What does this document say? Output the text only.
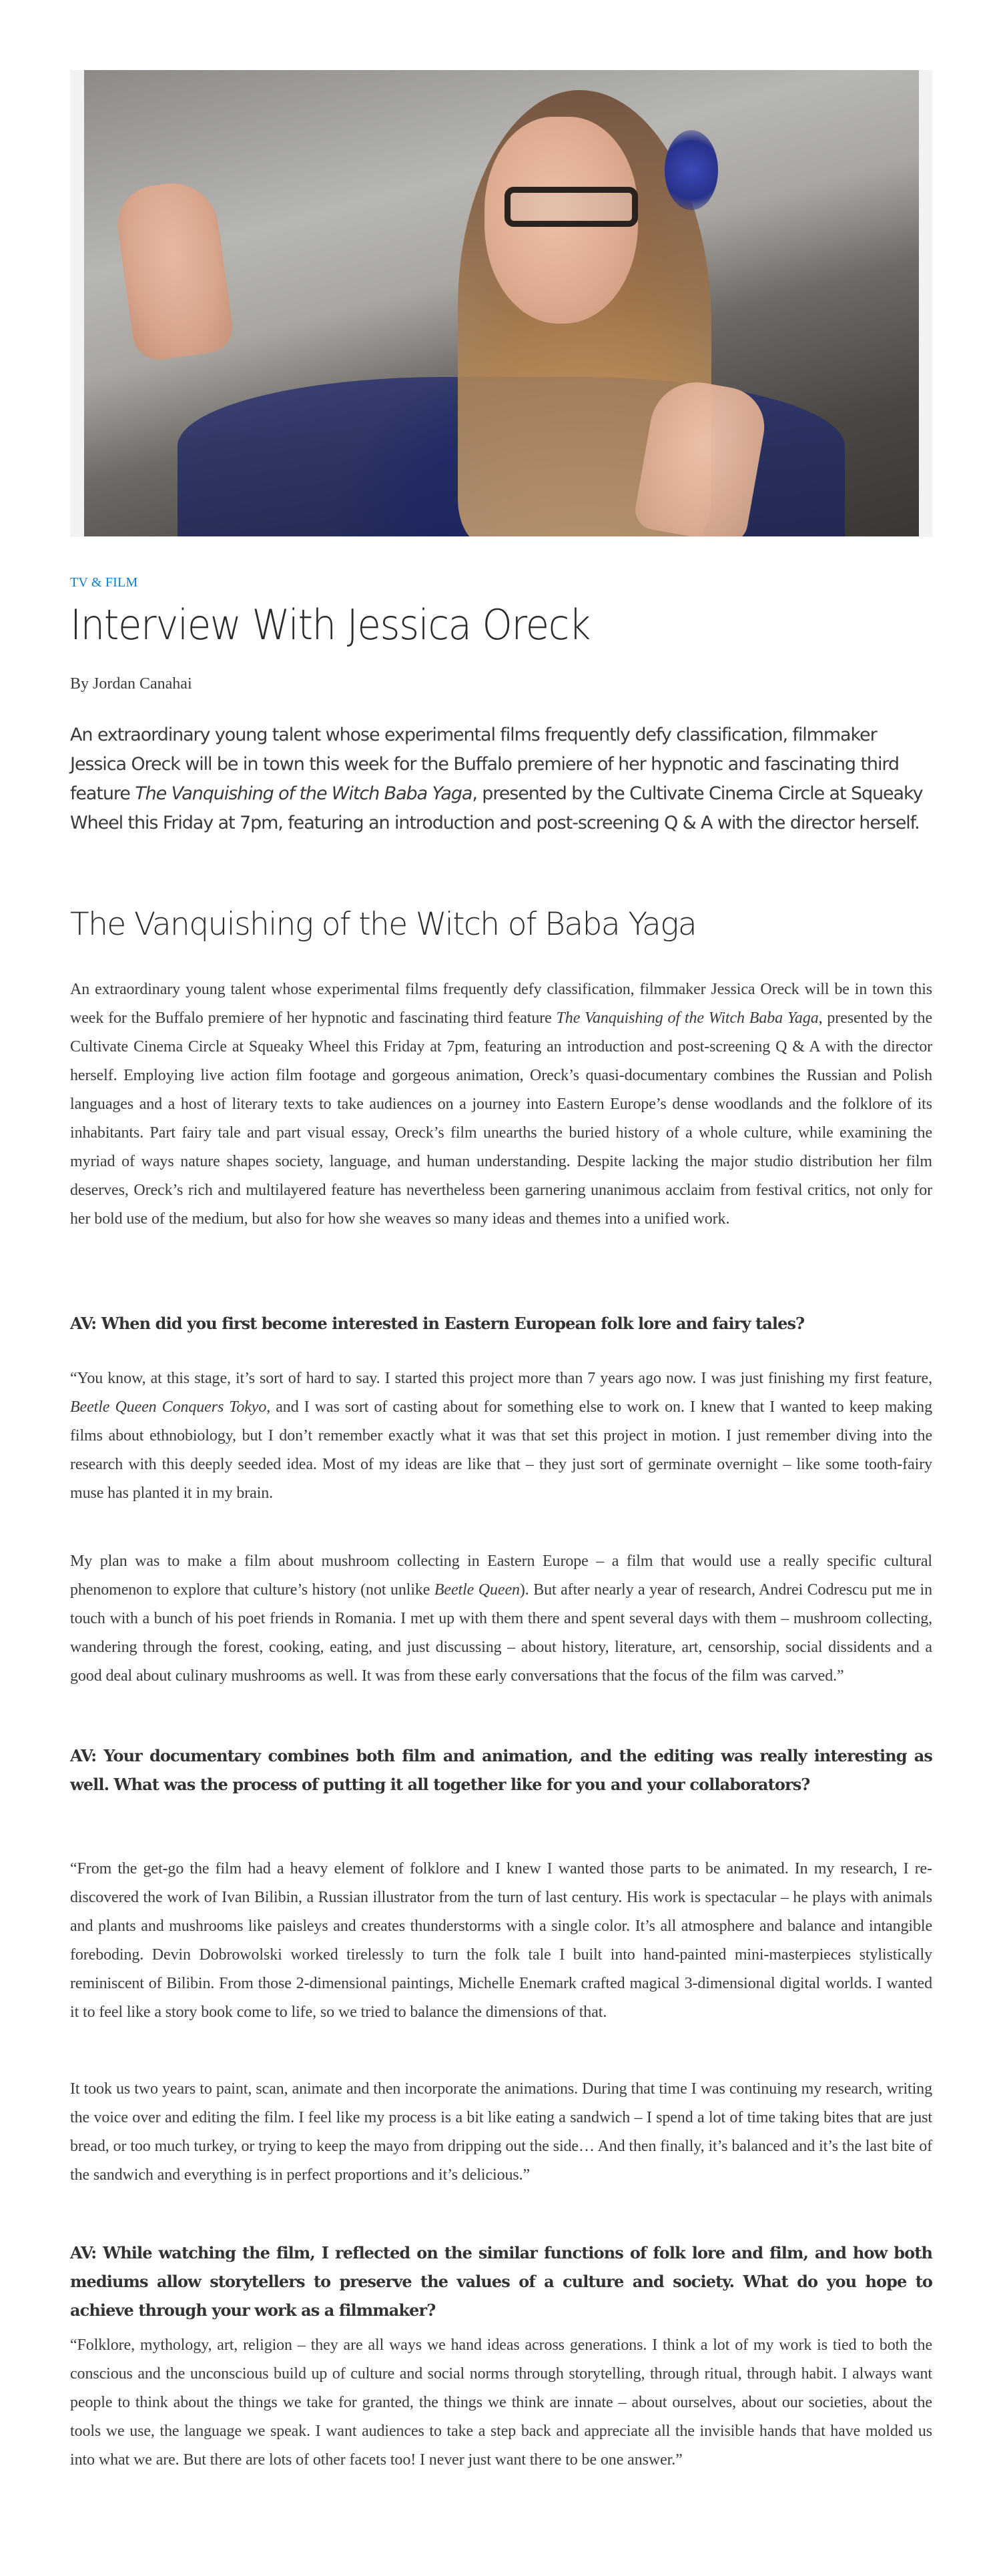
TV & FILM
Interview With Jessica Oreck
By Jordan Canahai

An extraordinary young talent whose experimental films frequently defy classification, filmmaker Jessica Oreck will be in town this week for the Buffalo premiere of her hypnotic and fascinating third feature The Vanquishing of the Witch Baba Yaga, presented by the Cultivate Cinema Circle at Squeaky Wheel this Friday at 7pm, featuring an introduction and post-screening Q & A with the director herself.

The Vanquishing of the Witch of Baba Yaga

An extraordinary young talent whose experimental films frequently defy classification, filmmaker Jessica Oreck will be in town this week for the Buffalo premiere of her hypnotic and fascinating third feature The Vanquishing of the Witch Baba Yaga, presented by the Cultivate Cinema Circle at Squeaky Wheel this Friday at 7pm, featuring an introduction and post-screening Q & A with the director herself. Employing live action film footage and gorgeous animation, Oreck’s quasi-documentary combines the Russian and Polish languages and a host of literary texts to take audiences on a journey into Eastern Europe’s dense woodlands and the folklore of its inhabitants. Part fairy tale and part visual essay, Oreck’s film unearths the buried history of a whole culture, while examining the myriad of ways nature shapes society, language, and human understanding. Despite lacking the major studio distribution her film deserves, Oreck’s rich and multilayered feature has nevertheless been garnering unanimous acclaim from festival critics, not only for her bold use of the medium, but also for how she weaves so many ideas and themes into a unified work.

AV: When did you first become interested in Eastern European folk lore and fairy tales?

“You know, at this stage, it’s sort of hard to say. I started this project more than 7 years ago now. I was just finishing my first feature, Beetle Queen Conquers Tokyo, and I was sort of casting about for something else to work on. I knew that I wanted to keep making films about ethnobiology, but I don’t remember exactly what it was that set this project in motion. I just remember diving into the research with this deeply seeded idea. Most of my ideas are like that – they just sort of germinate overnight – like some tooth-fairy muse has planted it in my brain.

My plan was to make a film about mushroom collecting in Eastern Europe – a film that would use a really specific cultural phenomenon to explore that culture’s history (not unlike Beetle Queen). But after nearly a year of research, Andrei Codrescu put me in touch with a bunch of his poet friends in Romania. I met up with them there and spent several days with them – mushroom collecting, wandering through the forest, cooking, eating, and just discussing – about history, literature, art, censorship, social dissidents and a good deal about culinary mushrooms as well. It was from these early conversations that the focus of the film was carved.”

AV: Your documentary combines both film and animation, and the editing was really interesting as well. What was the process of putting it all together like for you and your collaborators?

“From the get-go the film had a heavy element of folklore and I knew I wanted those parts to be animated. In my research, I re-discovered the work of Ivan Bilibin, a Russian illustrator from the turn of last century. His work is spectacular – he plays with animals and plants and mushrooms like paisleys and creates thunderstorms with a single color. It’s all atmosphere and balance and intangible foreboding. Devin Dobrowolski worked tirelessly to turn the folk tale I built into hand-painted mini-masterpieces stylistically reminiscent of Bilibin. From those 2-dimensional paintings, Michelle Enemark crafted magical 3-dimensional digital worlds. I wanted it to feel like a story book come to life, so we tried to balance the dimensions of that.

It took us two years to paint, scan, animate and then incorporate the animations. During that time I was continuing my research, writing the voice over and editing the film. I feel like my process is a bit like eating a sandwich – I spend a lot of time taking bites that are just bread, or too much turkey, or trying to keep the mayo from dripping out the side… And then finally, it’s balanced and it’s the last bite of the sandwich and everything is in perfect proportions and it’s delicious.”

AV: While watching the film, I reflected on the similar functions of folk lore and film, and how both mediums allow storytellers to preserve the values of a culture and society. What do you hope to achieve through your work as a filmmaker?

“Folklore, mythology, art, religion – they are all ways we hand ideas across generations. I think a lot of my work is tied to both the conscious and the unconscious build up of culture and social norms through storytelling, through ritual, through habit. I always want people to think about the things we take for granted, the things we think are innate – about ourselves, about our societies, about the tools we use, the language we speak. I want audiences to take a step back and appreciate all the invisible hands that have molded us into what we are. But there are lots of other facets too! I never just want there to be one answer.”
